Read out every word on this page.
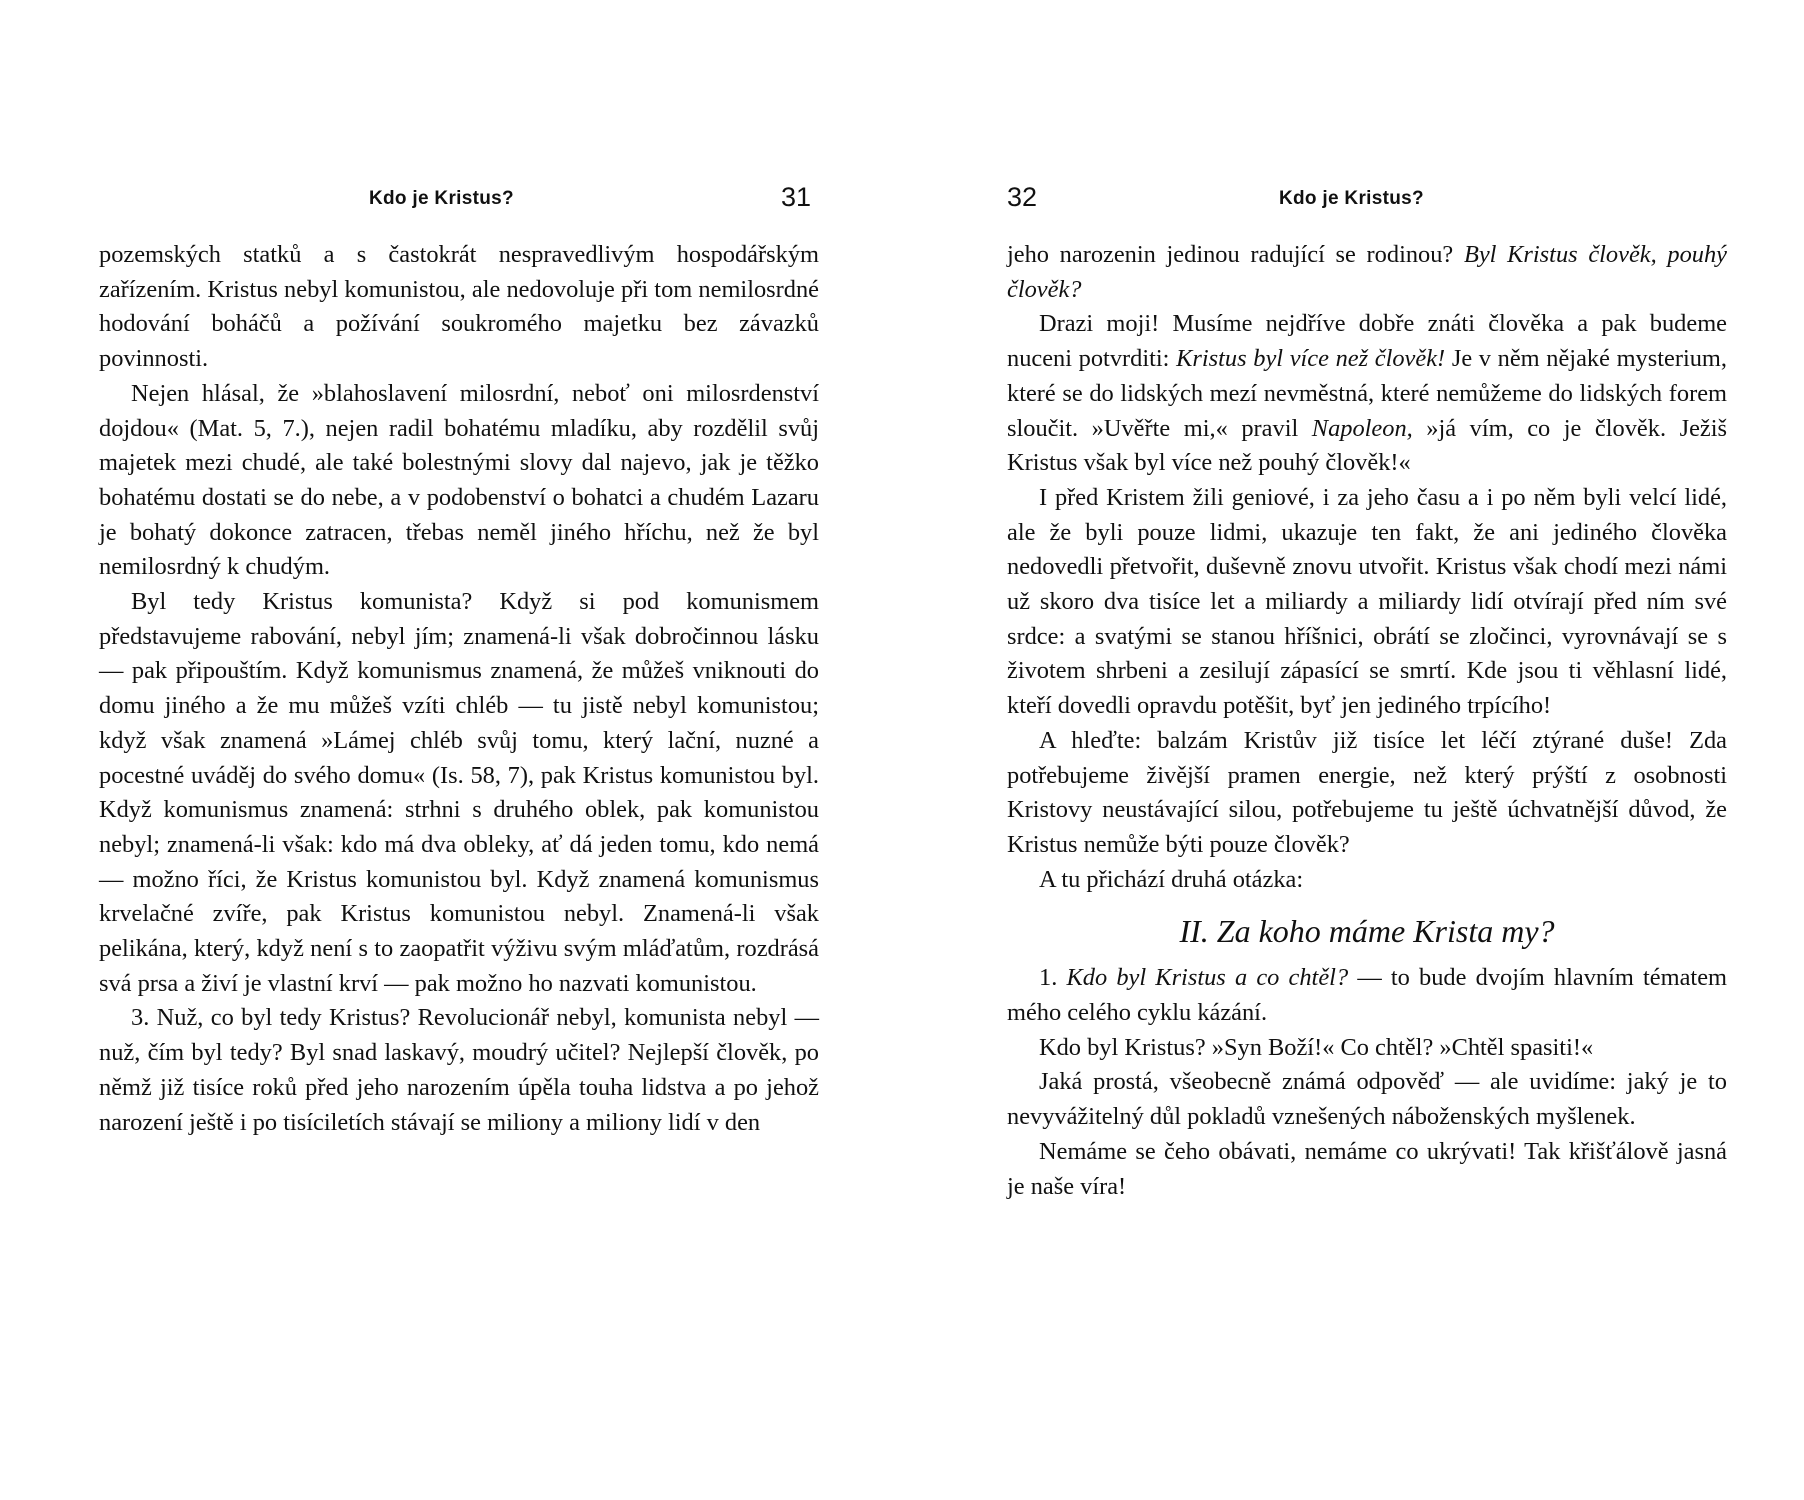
Kdo je Kristus?	31

pozemských statků a s častokrát nespravedlivým hospodářským zařízením. Kristus nebyl komunistou, ale nedovoluje při tom nemilosrdné hodování boháčů a požívání soukromého majetku bez závazků povinnosti.

Nejen hlásal, že »blahoslavení milosrdní, neboť oni milosrdenství dojdou« (Mat. 5, 7.), nejen radil bohatému mladíku, aby rozdělil svůj majetek mezi chudé, ale také bolestnými slovy dal najevo, jak je těžko bohatému dostati se do nebe, a v podobenství o bohatci a chudém Lazaru je bohatý dokonce zatracen, třebas neměl jiného hříchu, než že byl nemilosrdný k chudým.

Byl tedy Kristus komunista? Když si pod komunismem představujeme rabování, nebyl jím; znamená-li však dobročinnou lásku — pak připouštím. Když komunismus znamená, že můžeš vniknouti do domu jiného a že mu můžeš vzíti chléb — tu jistě nebyl komunistou; když však znamená »Lámej chléb svůj tomu, který lační, nuzné a pocestné uváděj do svého domu« (Is. 58, 7), pak Kristus komunistou byl. Když komunismus znamená: strhni s druhého oblek, pak komunistou nebyl; znamená-li však: kdo má dva obleky, ať dá jeden tomu, kdo nemá — možno říci, že Kristus komunistou byl. Když znamená komunismus krvelačné zvíře, pak Kristus komunistou nebyl. Znamená-li však pelikána, který, když není s to zaopatřit výživu svým mláďatům, rozdrásá svá prsa a živí je vlastní krví — pak možno ho nazvati komunistou.

3. Nuž, co byl tedy Kristus? Revolucionář nebyl, komunista nebyl — nuž, čím byl tedy? Byl snad laskavý, moudrý učitel? Nejlepší člověk, po němž již tisíce roků před jeho narozením úpěla touha lidstva a po jehož narození ještě i po tisíciletích stávají se miliony a miliony lidí v den

32	Kdo je Kristus?

jeho narozenin jedinou radující se rodinou? Byl Kristus člověk, pouhý člověk?

Drazi moji! Musíme nejdříve dobře znáti člověka a pak budeme nuceni potvrditi: Kristus byl více než člověk! Je v něm nějaké mysterium, které se do lidských mezí nevměstná, které nemůžeme do lidských forem sloučit. »Uvěřte mi,« pravil Napoleon, »já vím, co je člověk. Ježiš Kristus však byl více než pouhý člověk!«

I před Kristem žili geniové, i za jeho času a i po něm byli velcí lidé, ale že byli pouze lidmi, ukazuje ten fakt, že ani jediného člověka nedovedli přetvořit, duševně znovu utvořit. Kristus však chodí mezi námi už skoro dva tisíce let a miliardy a miliardy lidí otvírají před ním své srdce: a svatými se stanou hříšnici, obrátí se zločinci, vyrovnávají se s životem shrbeni a zesilují zápasící se smrtí. Kde jsou ti věhlasní lidé, kteří dovedli opravdu potěšit, byť jen jediného trpícího!

A hleďte: balzám Kristův již tisíce let léčí ztýrané duše! Zda potřebujeme živější pramen energie, než který prýští z osobnosti Kristovy neustávající silou, potřebujeme tu ještě úchvatnější důvod, že Kristus nemůže býti pouze člověk?

A tu přichází druhá otázka:

II. Za koho máme Krista my?

1. Kdo byl Kristus a co chtěl? — to bude dvojím hlavním tématem mého celého cyklu kázání.

Kdo byl Kristus? »Syn Boží!« Co chtěl? »Chtěl spasiti!«

Jaká prostá, všeobecně známá odpověď — ale uvidíme: jaký je to nevyvážitelný důl pokladů vznešených náboženských myšlenek.

Nemáme se čeho obávati, nemáme co ukrývati! Tak křišťálově jasná je naše víra!
